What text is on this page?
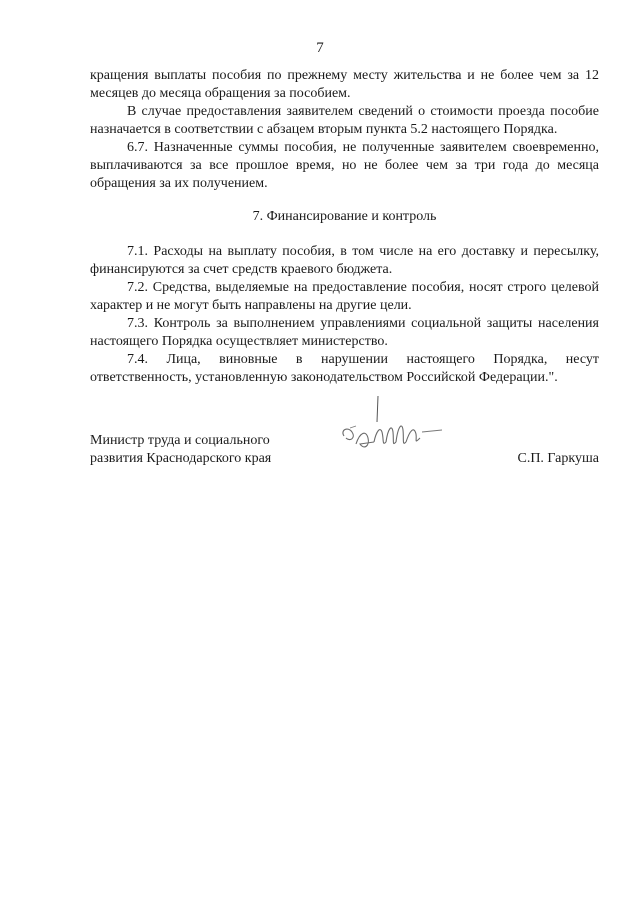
7

кращения выплаты пособия по прежнему месту жительства и не более чем за 12 месяцев до месяца обращения за пособием.

В случае предоставления заявителем сведений о стоимости проезда пособие назначается в соответствии с абзацем вторым пункта 5.2 настоящего Порядка.

6.7. Назначенные суммы пособия, не полученные заявителем своевременно, выплачиваются за все прошлое время, но не более чем за три года до месяца обращения за их получением.

7. Финансирование и контроль

7.1. Расходы на выплату пособия, в том числе на его доставку и пересылку, финансируются за счет средств краевого бюджета.

7.2. Средства, выделяемые на предоставление пособия, носят строго целевой характер и не могут быть направлены на другие цели.

7.3. Контроль за выполнением управлениями социальной защиты населения настоящего Порядка осуществляет министерство.

7.4. Лица, виновные в нарушении настоящего Порядка, несут ответственность, установленную законодательством Российской Федерации.".

Министр труда и социального
развития Краснодарского края	С.П. Гаркуша
